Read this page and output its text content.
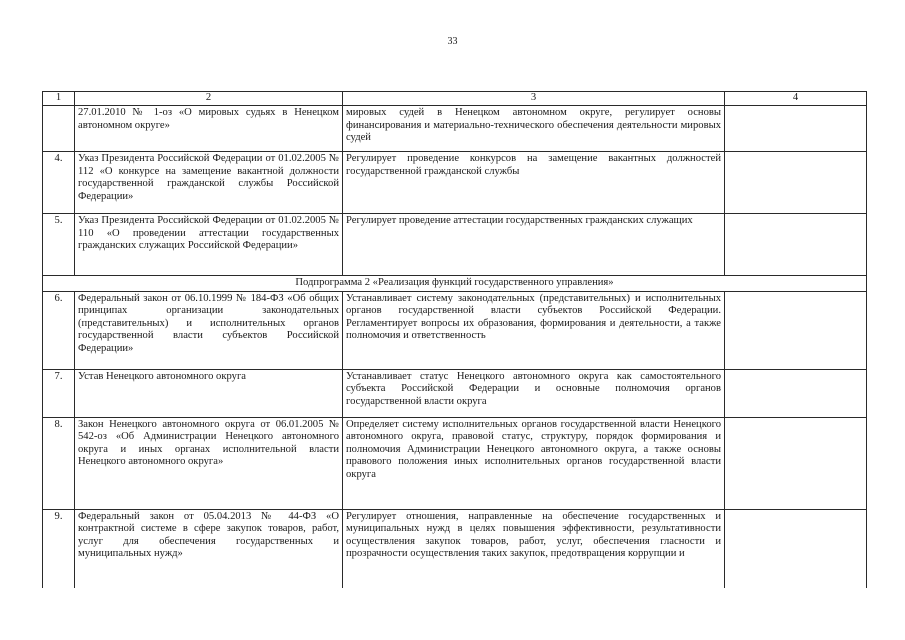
33
1	2	3	4
	27.01.2010 № 1-оз «О мировых судьях в Ненецком автономном округе»	мировых судей в Ненецком автономном округе, регулирует основы финансирования и материально-технического обеспечения деятельности мировых судей	
4.	Указ Президента Российской Федерации от 01.02.2005 № 112 «О конкурсе на замещение вакантной должности государственной гражданской службы Российской Федерации»	Регулирует проведение конкурсов на замещение вакантных должностей государственной гражданской службы	
5.	Указ Президента Российской Федерации от 01.02.2005 № 110 «О проведении аттестации государственных гражданских служащих Российской Федерации»	Регулирует проведение аттестации государственных гражданских служащих	
Подпрограмма 2 «Реализация функций государственного управления»			
6.	Федеральный закон от 06.10.1999 № 184-ФЗ «Об общих принципах организации законодательных (представительных) и исполнительных органов государственной власти субъектов Российской Федерации»	Устанавливает систему законодательных (представительных) и исполнительных органов государственной власти субъектов Российской Федерации. Регламентирует вопросы их образования, формирования и деятельности, а также полномочия и ответственность	
7.	Устав Ненецкого автономного округа	Устанавливает статус Ненецкого автономного округа как самостоятельного субъекта Российской Федерации и основные полномочия органов государственной власти округа	
8.	Закон Ненецкого автономного округа от 06.01.2005 № 542-оз «Об Администрации Ненецкого автономного округа и иных органах исполнительной власти Ненецкого автономного округа»	Определяет систему исполнительных органов государственной власти Ненецкого автономного округа, правовой статус, структуру, порядок формирования и полномочия Администрации Ненецкого автономного округа, а также основы правового положения иных исполнительных органов государственной власти округа	
9.	Федеральный закон от 05.04.2013 № 44-ФЗ «О контрактной системе в сфере закупок товаров, работ, услуг для обеспечения государственных и муниципальных нужд»	Регулирует отношения, направленные на обеспечение государственных и муниципальных нужд в целях повышения эффективности, результативности осуществления закупок товаров, работ, услуг, обеспечения гласности и прозрачности осуществления таких закупок, предотвращения коррупции и	
